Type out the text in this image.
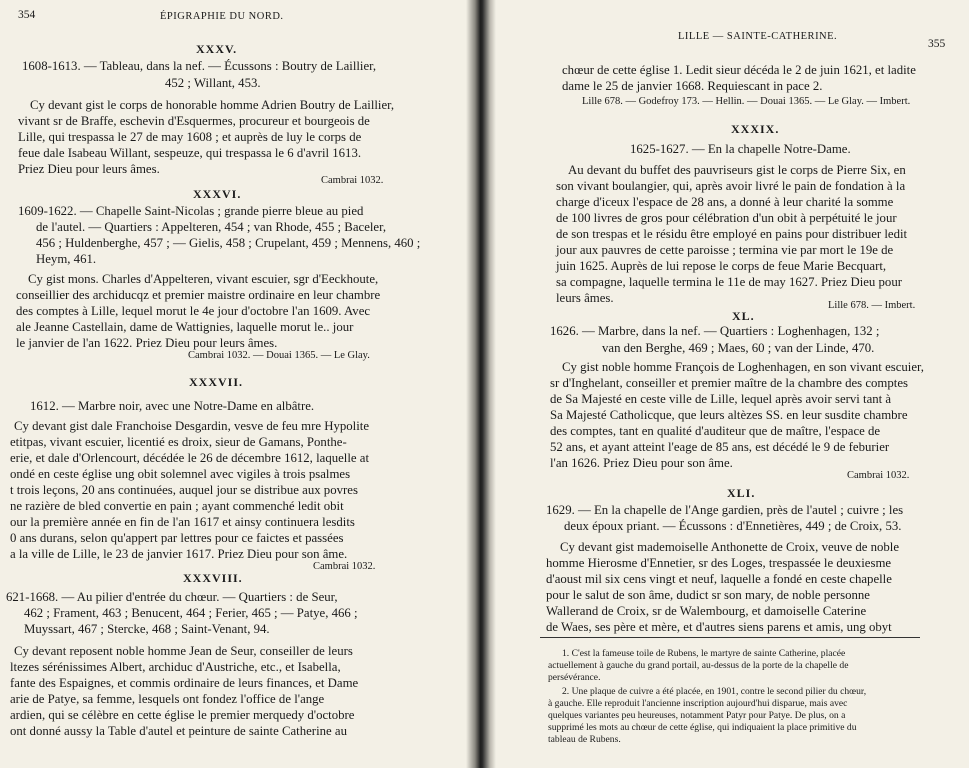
354	ÉPIGRAPHIE DU NORD.
XXXV.
1608-1613. — Tableau, dans la nef. — Écussons : Boutry de Laillier,
452 ; Willant, 453.
Cy devant gist le corps de honorable homme Adrien Boutry de Laillier,
vivant sr de Braffe, eschevin d'Esquermes, procureur et bourgeois de
Lille, qui trespassa le 27 de may 1608 ; et auprès de luy le corps de
feue dale Isabeau Willant, sespeuze, qui trespassa le 6 d'avril 1613.
Priez Dieu pour leurs âmes.
Cambrai 1032.
XXXVI.
1609-1622. — Chapelle Saint-Nicolas ; grande pierre bleue au pied
de l'autel. — Quartiers : Appelteren, 454 ; van Rhode, 455 ; Baceler,
456 ; Huldenberghe, 457 ; — Gielis, 458 ; Crupelant, 459 ; Mennens, 460 ;
Heym, 461.
Cy gist mons. Charles d'Appelteren, vivant escuier, sgr d'Eeckhoute,
conseillier des archiducqz et premier maistre ordinaire en leur chambre
des comptes à Lille, lequel morut le 4e jour d'octobre l'an 1609. Avec
ale Jeanne Castellain, dame de Wattignies, laquelle morut le.. jour
le janvier de l'an 1622. Priez Dieu pour leurs âmes.
Cambrai 1032. — Douai 1365. — Le Glay.
XXXVII.
1612. — Marbre noir, avec une Notre-Dame en albâtre.
Cy devant gist dale Franchoise Desgardin, vesve de feu mre Hypolite
etitpas, vivant escuier, licentié es droix, sieur de Gamans, Ponthe-
erie, et dale d'Orlencourt, décédée le 26 de décembre 1612, laquelle at
ondé en ceste église ung obit solemnel avec vigiles à trois psalmes
t trois leçons, 20 ans continuées, auquel jour se distribue aux povres
ne razière de bled convertie en pain ; ayant commenché ledit obit
our la première année en fin de l'an 1617 et ainsy continuera lesdits
0 ans durans, selon qu'appert par lettres pour ce faictes et passées
a la ville de Lille, le 23 de janvier 1617. Priez Dieu pour son âme.
Cambrai 1032.
XXXVIII.
621-1668. — Au pilier d'entrée du chœur. — Quartiers : de Seur,
462 ; Frament, 463 ; Benucent, 464 ; Ferier, 465 ; — Patye, 466 ;
Muyssart, 467 ; Stercke, 468 ; Saint-Venant, 94.
Cy devant reposent noble homme Jean de Seur, conseiller de leurs
ltezes sérénissimes Albert, archiduc d'Austriche, etc., et Isabella,
fante des Espaignes, et commis ordinaire de leurs finances, et Dame
arie de Patye, sa femme, lesquels ont fondez l'office de l'ange
ardien, qui se célèbre en cette église le premier merquedy d'octobre
ont donné aussy la Table d'autel et peinture de sainte Catherine au
LILLE — SAINTE-CATHERINE.
355
chœur de cette église 1. Ledit sieur décéda le 2 de juin 1621, et ladite
dame le 25 de janvier 1668. Requiescant in pace 2.
Lille 678. — Godefroy 173. — Hellin. — Douai 1365. — Le Glay. — Imbert.
XXXIX.
1625-1627. — En la chapelle Notre-Dame.
Au devant du buffet des pauvriseurs gist le corps de Pierre Six, en
son vivant boulangier, qui, après avoir livré le pain de fondation à la
charge d'iceux l'espace de 28 ans, a donné à leur charité la somme
de 100 livres de gros pour célébration d'un obit à perpétuité le jour
de son trespas et le résidu être employé en pains pour distribuer ledit
jour aux pauvres de cette paroisse ; termina vie par mort le 19e de
juin 1625. Auprès de lui repose le corps de feue Marie Becquart,
sa compagne, laquelle termina le 11e de may 1627. Priez Dieu pour
leurs âmes.
Lille 678. — Imbert.
XL.
1626. — Marbre, dans la nef. — Quartiers : Loghenhagen, 132 ;
van den Berghe, 469 ; Maes, 60 ; van der Linde, 470.
Cy gist noble homme François de Loghenhagen, en son vivant escuier,
sr d'Inghelant, conseiller et premier maître de la chambre des comptes
de Sa Majesté en ceste ville de Lille, lequel après avoir servi tant à
Sa Majesté Catholicque, que leurs altèzes SS. en leur susdite chambre
des comptes, tant en qualité d'auditeur que de maître, l'espace de
52 ans, et ayant atteint l'eage de 85 ans, est décédé le 9 de feburier
l'an 1626. Priez Dieu pour son âme.
Cambrai 1032.
XLI.
1629. — En la chapelle de l'Ange gardien, près de l'autel ; cuivre ; les
deux époux priant. — Écussons : d'Ennetières, 449 ; de Croix, 53.
Cy devant gist mademoiselle Anthonette de Croix, veuve de noble
homme Hierosme d'Ennetier, sr des Loges, trespassée le deuxiesme
d'aoust mil six cens vingt et neuf, laquelle a fondé en ceste chapelle
pour le salut de son âme, dudict sr son mary, de noble personne
Wallerand de Croix, sr de Walembourg, et damoiselle Caterine
de Waes, ses père et mère, et d'autres siens parens et amis, ung obyt
1. C'est la fameuse toile de Rubens, le martyre de sainte Catherine, placée
actuellement à gauche du grand portail, au-dessus de la porte de la chapelle de
persévérance.
2. Une plaque de cuivre a été placée, en 1901, contre le second pilier du chœur,
à gauche. Elle reproduit l'ancienne inscription aujourd'hui disparue, mais avec
quelques variantes peu heureuses, notamment Patyr pour Patye. De plus, on a
supprimé les mots au chœur de cette église, qui indiquaient la place primitive du
tableau de Rubens.
